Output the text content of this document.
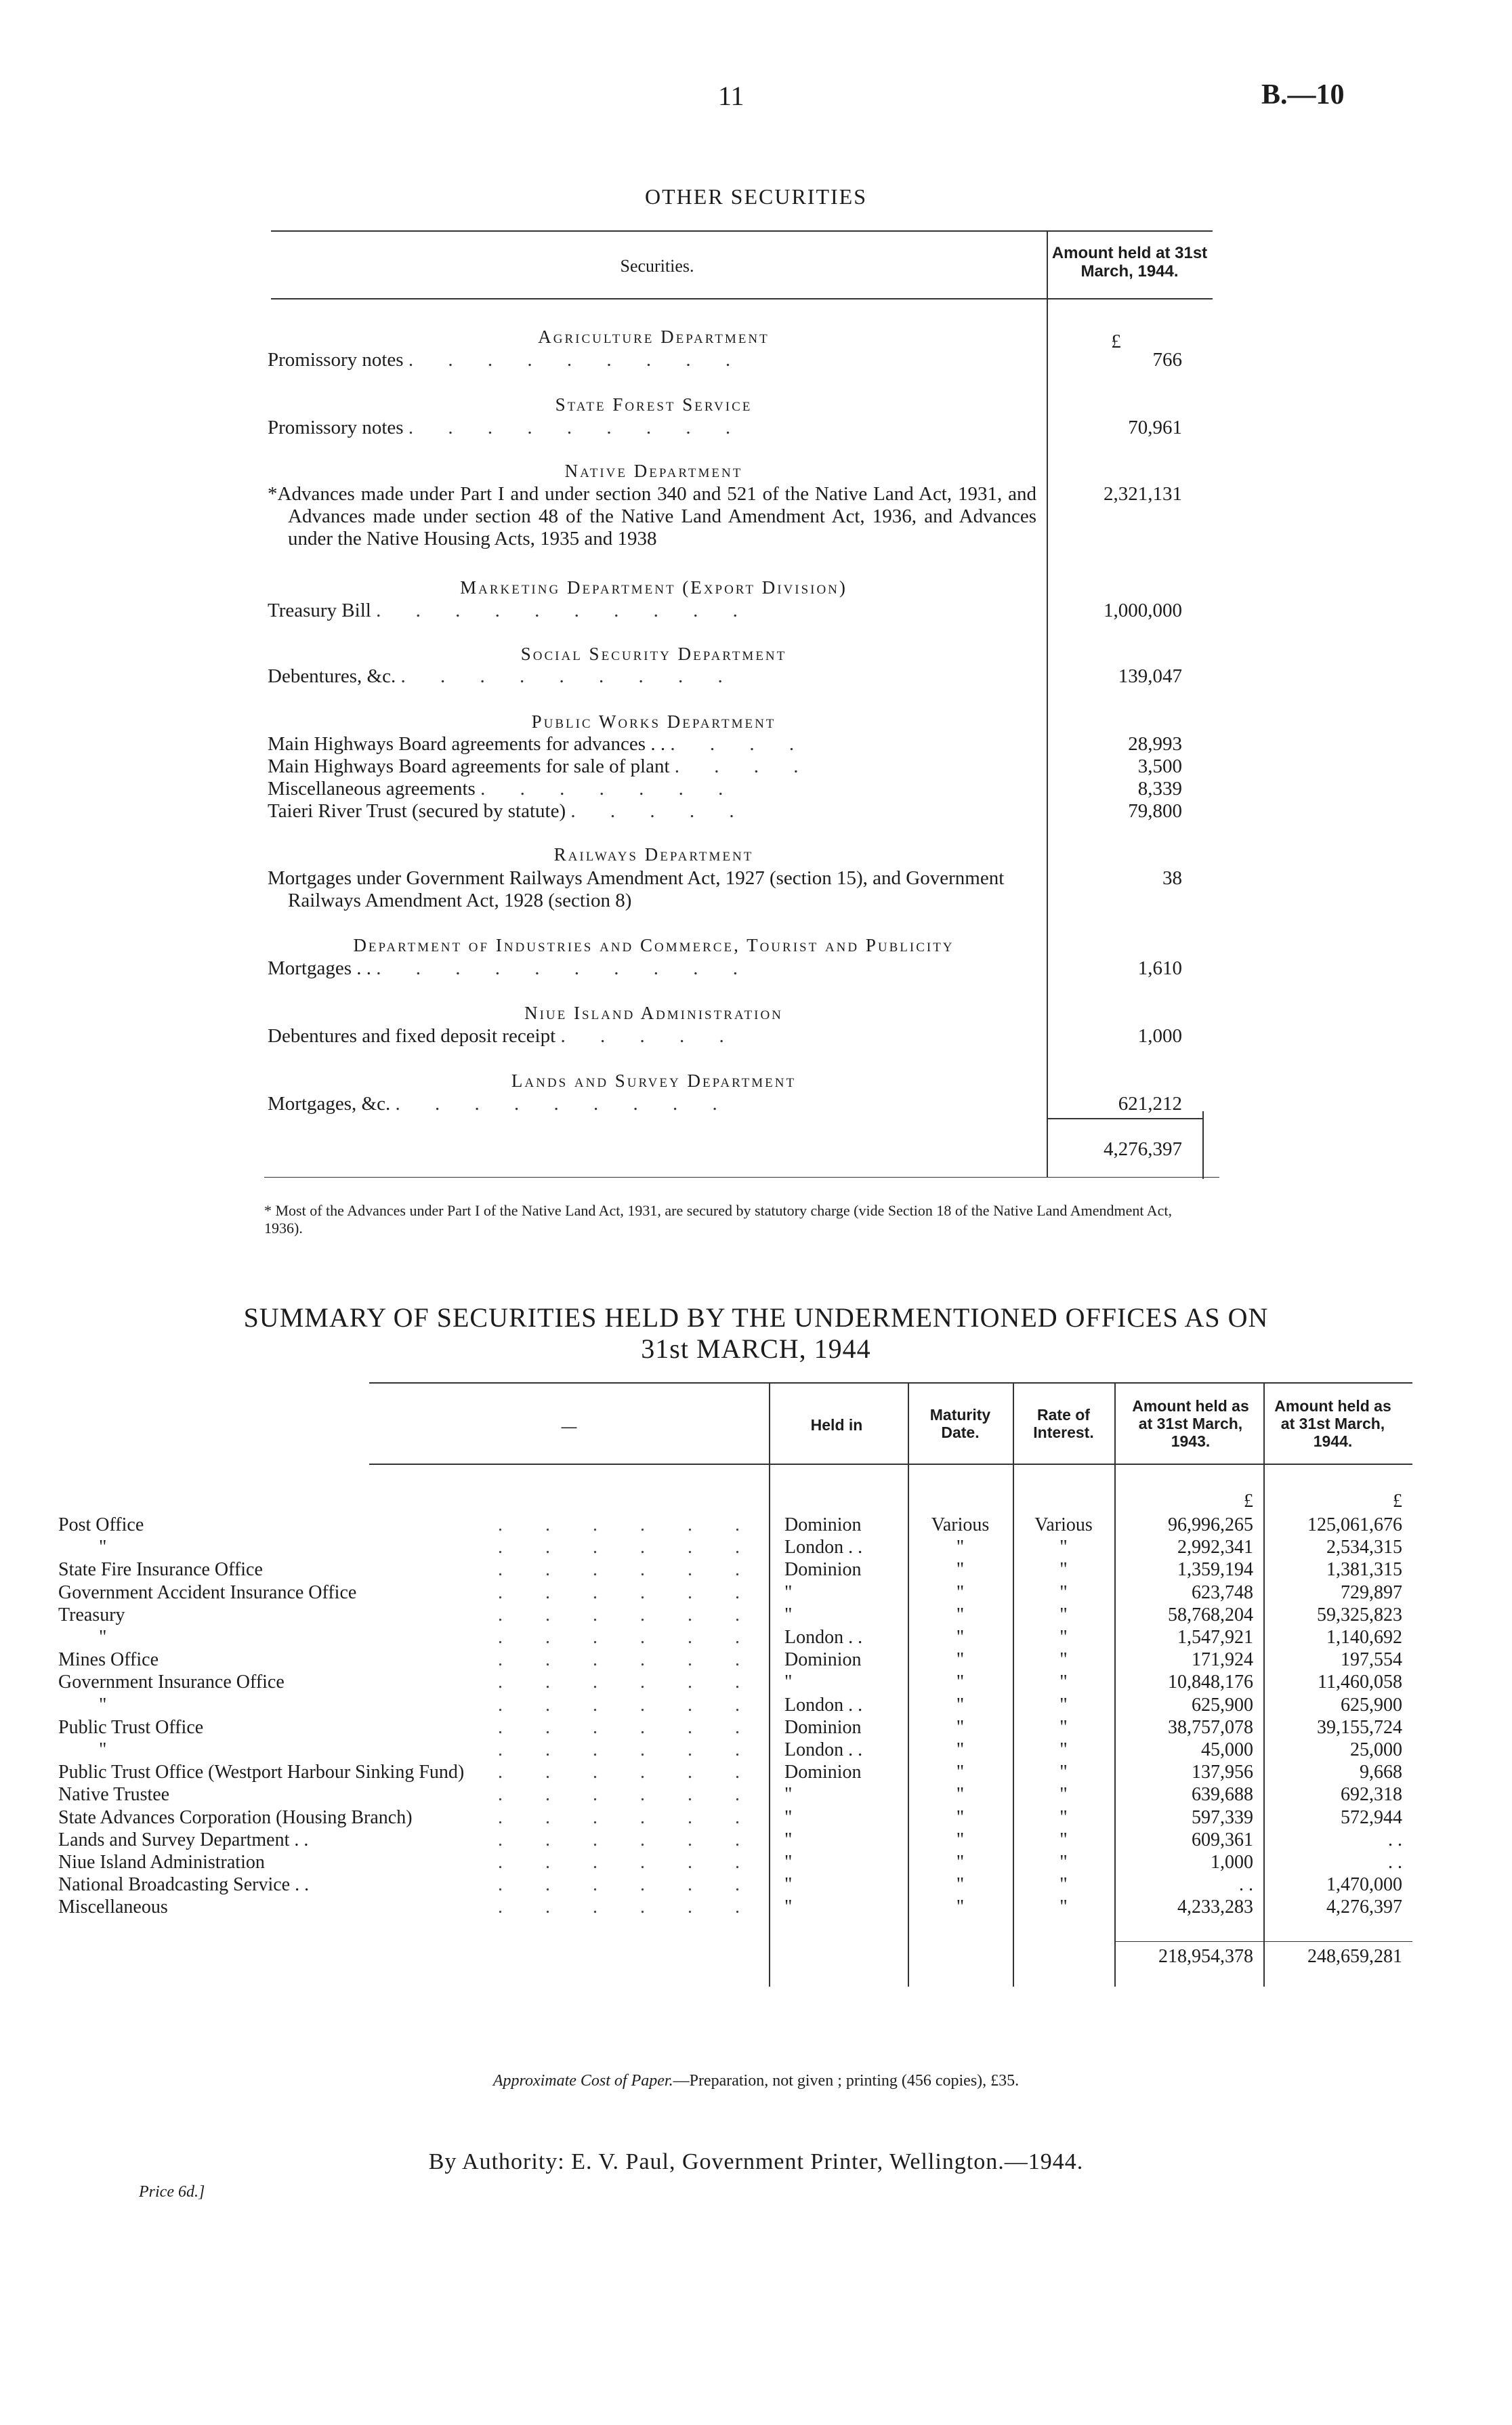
11	B.—10
OTHER SECURITIES
Securities.
Amount held at 31st March, 1944.
£
Agriculture Department
Promissory notes . . . . . . . . .	766
State Forest Service
Promissory notes . . . . . . . . .	70,961
Native Department
*Advances made under Part I and under section 340 and 521 of the Native Land Act, 1931, and Advances made under section 48 of the Native Land Amendment Act, 1936, and Advances under the Native Housing Acts, 1935 and 1938
2,321,131
Marketing Department (Export Division)
Treasury Bill . . . . . . . . . .	1,000,000
Social Security Department
Debentures, &c. . . . . . . . . .	139,047
Public Works Department
Main Highways Board agreements for advances . . . . . .	28,993
Main Highways Board agreements for sale of plant . . . .	3,500
Miscellaneous agreements . . . . . . .	8,339
Taieri River Trust (secured by statute) . . . . .	79,800
Railways Department
Mortgages under Government Railways Amendment Act, 1927 (section 15), and Government Railways Amendment Act, 1928 (section 8)
38
Department of Industries and Commerce, Tourist and Publicity
Mortgages . . . . . . . . . . . .	1,610
Niue Island Administration
Debentures and fixed deposit receipt . . . . .	1,000
Lands and Survey Department
Mortgages, &c. . . . . . . . . .	621,212
4,276,397
* Most of the Advances under Part I of the Native Land Act, 1931, are secured by statutory charge (vide Section 18 of the Native Land Amendment Act, 1936).
SUMMARY OF SECURITIES HELD BY THE UNDERMENTIONED OFFICES AS ON
31st MARCH, 1944
—	Held in
Maturity Date.
Rate of Interest.
Amount held as at 31st March, 1943.
Amount held as at 31st March, 1944.
£	£
Post Office	Dominion	Various	Various	96,996,265	125,061,676
. . . . . .
"	London . .	"	"	2,992,341	2,534,315
. . . . . .
State Fire Insurance Office	Dominion	"	"	1,359,194	1,381,315
. . . . . .
Government Accident Insurance Office	"	"	"	623,748	729,897
. . . . . .
Treasury	"	"	"	58,768,204	59,325,823
. . . . . .
"	London . .	"	"	1,547,921	1,140,692
. . . . . .
Mines Office	Dominion	"	"	171,924	197,554
. . . . . .
Government Insurance Office	"	"	"	10,848,176	11,460,058
. . . . . .
"	London . .	"	"	625,900	625,900
. . . . . .
Public Trust Office	Dominion	"	"	38,757,078	39,155,724
. . . . . .
"	London . .	"	"	45,000	25,000
. . . . . .
Public Trust Office (Westport Harbour Sinking Fund)	Dominion	"	"	137,956	9,668
. . . . . .
Native Trustee	"	"	"	639,688	692,318
. . . . . .
State Advances Corporation (Housing Branch)	"	"	"	597,339	572,944
. . . . . .
Lands and Survey Department . .	"	"	"	609,361	. .
. . . . . .
Niue Island Administration	"	"	"	1,000	. .
. . . . . .
National Broadcasting Service . .	"	"	"	. .	1,470,000
. . . . . .
Miscellaneous	"	"	"	4,233,283	4,276,397
. . . . . .
218,954,378	248,659,281
Approximate Cost of Paper.—Preparation, not given ; printing (456 copies), £35.
By Authority: E. V. Paul, Government Printer, Wellington.—1944.
Price 6d.]
